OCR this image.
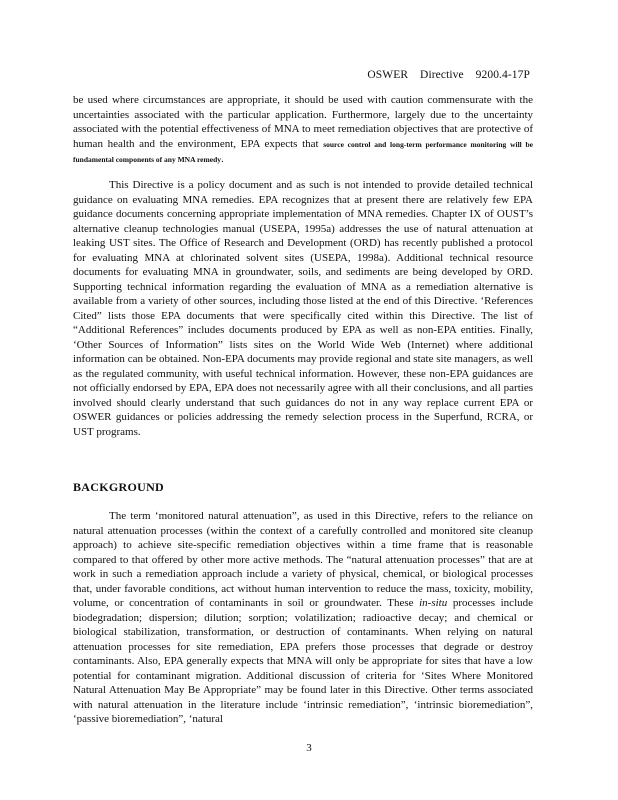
OSWER    Directive    9200.4-17P

be used where circumstances are appropriate, it should be used with caution commensurate with the uncertainties associated with the particular application. Furthermore, largely due to the uncertainty associated with the potential effectiveness of MNA to meet remediation objectives that are protective of human health and the environment, EPA expects that source control and long-term performance monitoring will be fundamental components of any MNA remedy.

This Directive is a policy document and as such is not intended to provide detailed technical guidance on evaluating MNA remedies. EPA recognizes that at present there are relatively few EPA guidance documents concerning appropriate implementation of MNA remedies. Chapter IX of OUST’s alternative cleanup technologies manual (USEPA, 1995a) addresses the use of natural attenuation at leaking UST sites. The Office of Research and Development (ORD) has recently published a protocol for evaluating MNA at chlorinated solvent sites (USEPA, 1998a). Additional technical resource documents for evaluating MNA in groundwater, soils, and sediments are being developed by ORD. Supporting technical information regarding the evaluation of MNA as a remediation alternative is available from a variety of other sources, including those listed at the end of this Directive. ‘References Cited” lists those EPA documents that were specifically cited within this Directive. The list of “Additional References” includes documents produced by EPA as well as non-EPA entities. Finally, ‘Other Sources of Information” lists sites on the World Wide Web (Internet) where additional information can be obtained. Non-EPA documents may provide regional and state site managers, as well as the regulated community, with useful technical information. However, these non-EPA guidances are not officially endorsed by EPA, EPA does not necessarily agree with all their conclusions, and all parties involved should clearly understand that such guidances do not in any way replace current EPA or OSWER guidances or policies addressing the remedy selection process in the Superfund, RCRA, or UST programs.

BACKGROUND

The term ‘monitored natural attenuation”, as used in this Directive, refers to the reliance on natural attenuation processes (within the context of a carefully controlled and monitored site cleanup approach) to achieve site-specific remediation objectives within a time frame that is reasonable compared to that offered by other more active methods. The “natural attenuation processes” that are at work in such a remediation approach include a variety of physical, chemical, or biological processes that, under favorable conditions, act without human intervention to reduce the mass, toxicity, mobility, volume, or concentration of contaminants in soil or groundwater. These in-situ processes include biodegradation; dispersion; dilution; sorption; volatilization; radioactive decay; and chemical or biological stabilization, transformation, or destruction of contaminants. When relying on natural attenuation processes for site remediation, EPA prefers those processes that degrade or destroy contaminants. Also, EPA generally expects that MNA will only be appropriate for sites that have a low potential for contaminant migration. Additional discussion of criteria for ‘Sites Where Monitored Natural Attenuation May Be Appropriate” may be found later in this Directive. Other terms associated with natural attenuation in the literature include ‘intrinsic remediation”, ‘intrinsic bioremediation”, ‘passive bioremediation”, ‘natural

3
